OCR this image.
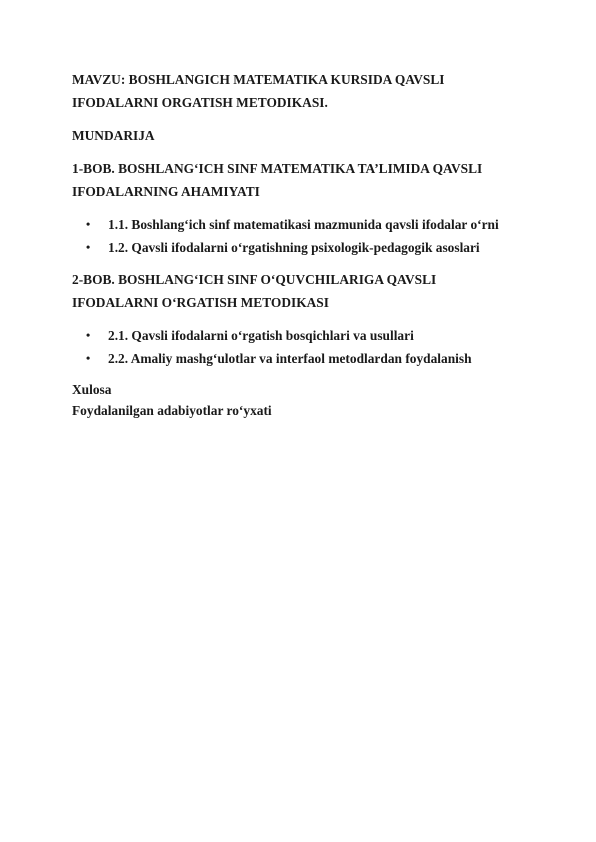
MAVZU: BOSHLANGICH MATEMATIKA KURSIDA QAVSLI

IFODALARNI ORGATISH METODIKASI.

MUNDARIJA

1-BOB. BOSHLANG‘ICH SINF MATEMATIKA TA’LIMIDA QAVSLI

IFODALARNING AHAMIYATI

• 1.1. Boshlang‘ich sinf matematikasi mazmunida qavsli ifodalar o‘rni
• 1.2. Qavsli ifodalarni o‘rgatishning psixologik-pedagogik asoslari

2-BOB. BOSHLANG‘ICH SINF O‘QUVCHILARIGA QAVSLI

IFODALARNI O‘RGATISH METODIKASI

• 2.1. Qavsli ifodalarni o‘rgatish bosqichlari va usullari
• 2.2. Amaliy mashg‘ulotlar va interfaol metodlardan foydalanish

Xulosa

Foydalanilgan adabiyotlar ro‘yxati
